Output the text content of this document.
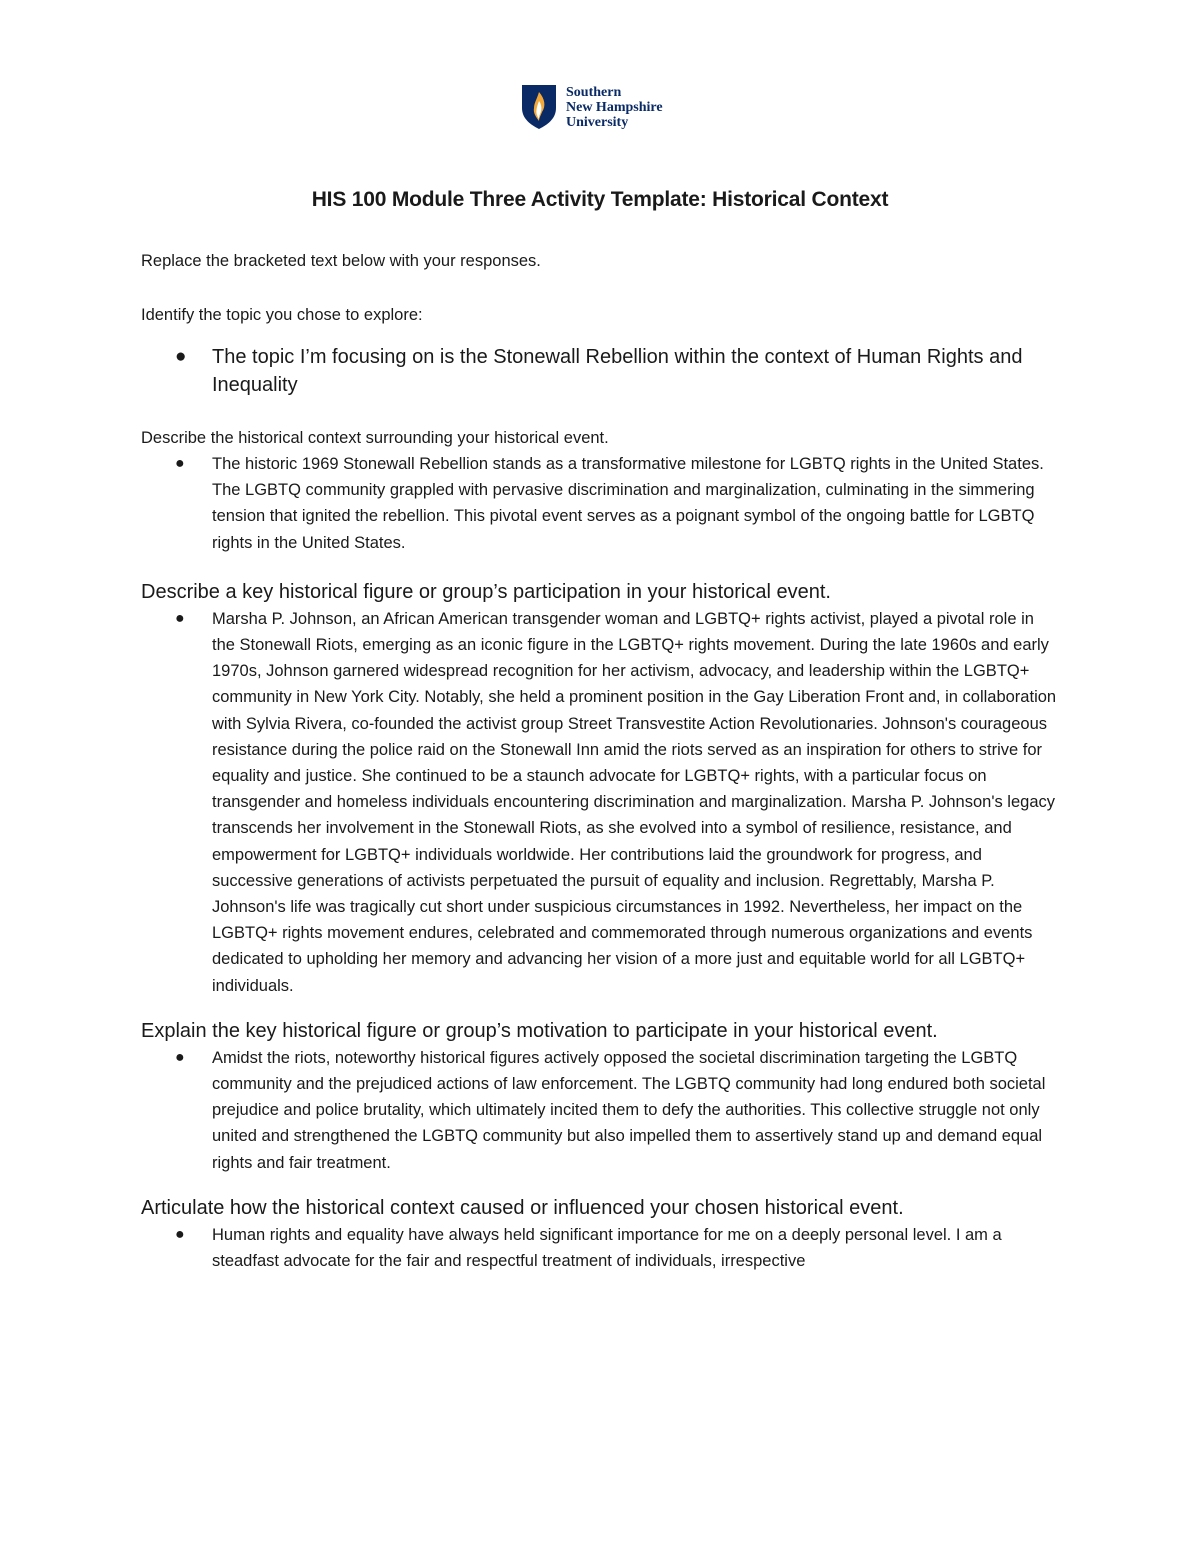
Southern
New Hampshire
University
HIS 100 Module Three Activity Template: Historical Context

Replace the bracketed text below with your responses.

Identify the topic you chose to explore:

● The topic I’m focusing on is the Stonewall Rebellion within the context of Human Rights and Inequality

Describe the historical context surrounding your historical event.

● The historic 1969 Stonewall Rebellion stands as a transformative milestone for LGBTQ rights in the United States. The LGBTQ community grappled with pervasive discrimination and marginalization, culminating in the simmering tension that ignited the rebellion. This pivotal event serves as a poignant symbol of the ongoing battle for LGBTQ rights in the United States.

Describe a key historical figure or group’s participation in your historical event.

● Marsha P. Johnson, an African American transgender woman and LGBTQ+ rights activist, played a pivotal role in the Stonewall Riots, emerging as an iconic figure in the LGBTQ+ rights movement. During the late 1960s and early 1970s, Johnson garnered widespread recognition for her activism, advocacy, and leadership within the LGBTQ+ community in New York City. Notably, she held a prominent position in the Gay Liberation Front and, in collaboration with Sylvia Rivera, co-founded the activist group Street Transvestite Action Revolutionaries. Johnson's courageous resistance during the police raid on the Stonewall Inn amid the riots served as an inspiration for others to strive for equality and justice. She continued to be a staunch advocate for LGBTQ+ rights, with a particular focus on transgender and homeless individuals encountering discrimination and marginalization. Marsha P. Johnson's legacy transcends her involvement in the Stonewall Riots, as she evolved into a symbol of resilience, resistance, and empowerment for LGBTQ+ individuals worldwide. Her contributions laid the groundwork for progress, and successive generations of activists perpetuated the pursuit of equality and inclusion. Regrettably, Marsha P. Johnson's life was tragically cut short under suspicious circumstances in 1992. Nevertheless, her impact on the LGBTQ+ rights movement endures, celebrated and commemorated through numerous organizations and events dedicated to upholding her memory and advancing her vision of a more just and equitable world for all LGBTQ+ individuals.

Explain the key historical figure or group’s motivation to participate in your historical event.

● Amidst the riots, noteworthy historical figures actively opposed the societal discrimination targeting the LGBTQ community and the prejudiced actions of law enforcement. The LGBTQ community had long endured both societal prejudice and police brutality, which ultimately incited them to defy the authorities. This collective struggle not only united and strengthened the LGBTQ community but also impelled them to assertively stand up and demand equal rights and fair treatment.

Articulate how the historical context caused or influenced your chosen historical event.

● Human rights and equality have always held significant importance for me on a deeply personal level. I am a steadfast advocate for the fair and respectful treatment of individuals, irrespective
